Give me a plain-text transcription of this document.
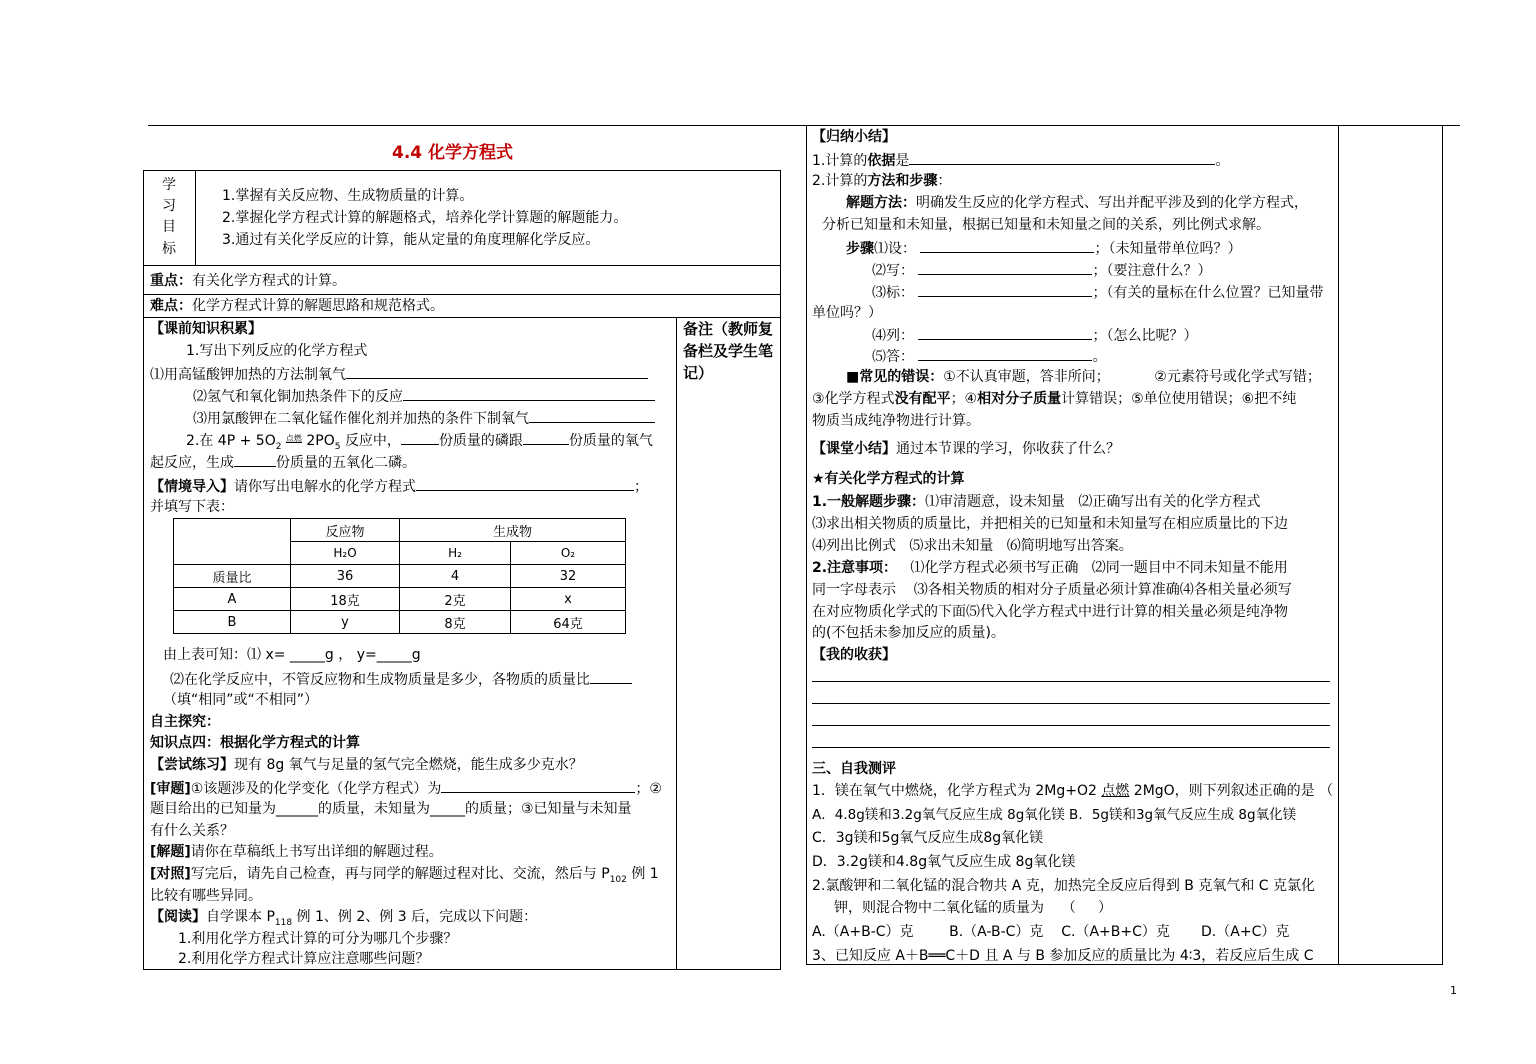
4.4 化学方程式
学
习
目
标
1.掌握有关反应物、生成物质量的计算。
2.掌握化学方程式计算的解题格式，培养化学计算题的解题能力。
3.通过有关化学反应的计算，能从定量的角度理解化学反应。
重点：有关化学方程式的计算。
难点：化学方程式计算的解题思路和规范格式。
备注（教师复
备栏及学生笔
记）
【课前知识积累】
1.写出下列反应的化学方程式
⑴用高锰酸钾加热的方法制氧气
⑵氢气和氧化铜加热条件下的反应
⑶用氯酸钾在二氧化锰作催化剂并加热的条件下制氧气
2.在 $4P + 5O_2$ $^{点燃}$ $2PO_5$ 反应中，	份质量的磷跟	份质量的氧气
起反应，生成	份质量的五氧化二磷。
【情境导入】请你写出电解水的化学方程式	；
并填写下表：
	反应物	生成物	
	H₂O	H₂	O₂
质量比	36	4	32
A	18克	2克	x
B	y	8克	64克
由上表可知：⑴ x= _____g ， y=_____g
⑵在化学反应中，不管反应物和生成物质量是多少，各物质的质量比
（填“相同”或“不相同”）
自主探究：
知识点四：根据化学方程式的计算
【尝试练习】现有 8g 氧气与足量的氢气完全燃烧，能生成多少克水？
[审题]①该题涉及的化学变化（化学方程式）为	；②
题目给出的已知量为______的质量，未知量为_____的质量；③已知量与未知量
有什么关系？
[解题]请你在草稿纸上书写出详细的解题过程。
[对照]写完后，请先自己检查，再与同学的解题过程对比、交流，然后与 $P_{102}$ 例 1
比较有哪些异同。
【阅读】自学课本 $P_{118}$ 例 1、例 2、例 3 后，完成以下问题：
1.利用化学方程式计算的可分为哪几个步骤？
2.利用化学方程式计算应注意哪些问题？
【归纳小结】
1.计算的依据是	。
2.计算的方法和步骤：
解题方法：明确发生反应的化学方程式、写出并配平涉及到的化学方程式，
分析已知量和未知量，根据已知量和未知量之间的关系，列比例式求解。
步骤⑴设：	；（未知量带单位吗？）
⑵写：	；（要注意什么？）
⑶标：	；（有关的量标在什么位置？已知量带
单位吗？）
⑷列：	；（怎么比呢？）
⑸答：	。
■常见的错误：①不认真审题，答非所问；          ②元素符号或化学式写错；
③化学方程式没有配平；④相对分子质量计算错误；⑤单位使用错误；⑥把不纯
物质当成纯净物进行计算。
【课堂小结】通过本节课的学习，你收获了什么？
★有关化学方程式的计算
1.一般解题步骤：⑴审清题意，设未知量   ⑵正确写出有关的化学方程式
⑶求出相关物质的质量比，并把相关的已知量和未知量写在相应质量比的下边
⑷列出比例式   ⑸求出未知量   ⑹简明地写出答案。
2.注意事项：   ⑴化学方程式必须书写正确   ⑵同一题目中不同未知量不能用
同一字母表示    ⑶各相关物质的相对分子质量必须计算准确⑷各相关量必须写
在对应物质化学式的下面⑸代入化学方程式中进行计算的相关量必须是纯净物
的(不包括未参加反应的质量)。
【我的收获】
三、自我测评
1．镁在氧气中燃烧，化学方程式为 2Mg+O2 点燃 2MgO，则下列叙述正确的是 （
A．4.8g镁和3.2g氧气反应生成 8g氧化镁 B．5g镁和3g氧气反应生成 8g氧化镁
C．3g镁和5g氧气反应生成8g氧化镁
D．3.2g镁和4.8g氧气反应生成 8g氧化镁
2.氯酸钾和二氧化锰的混合物共 A 克，加热完全反应后得到 B 克氧气和 C 克氯化
钾，则混合物中二氧化锰的质量为    （     ）
A.（A+B-C）克        B.（A-B-C）克    C.（A+B+C）克       D.（A+C）克
3、已知反应 A＋B══C＋D 且 A 与 B 参加反应的质量比为 4∶3，若反应后生成 C
1
